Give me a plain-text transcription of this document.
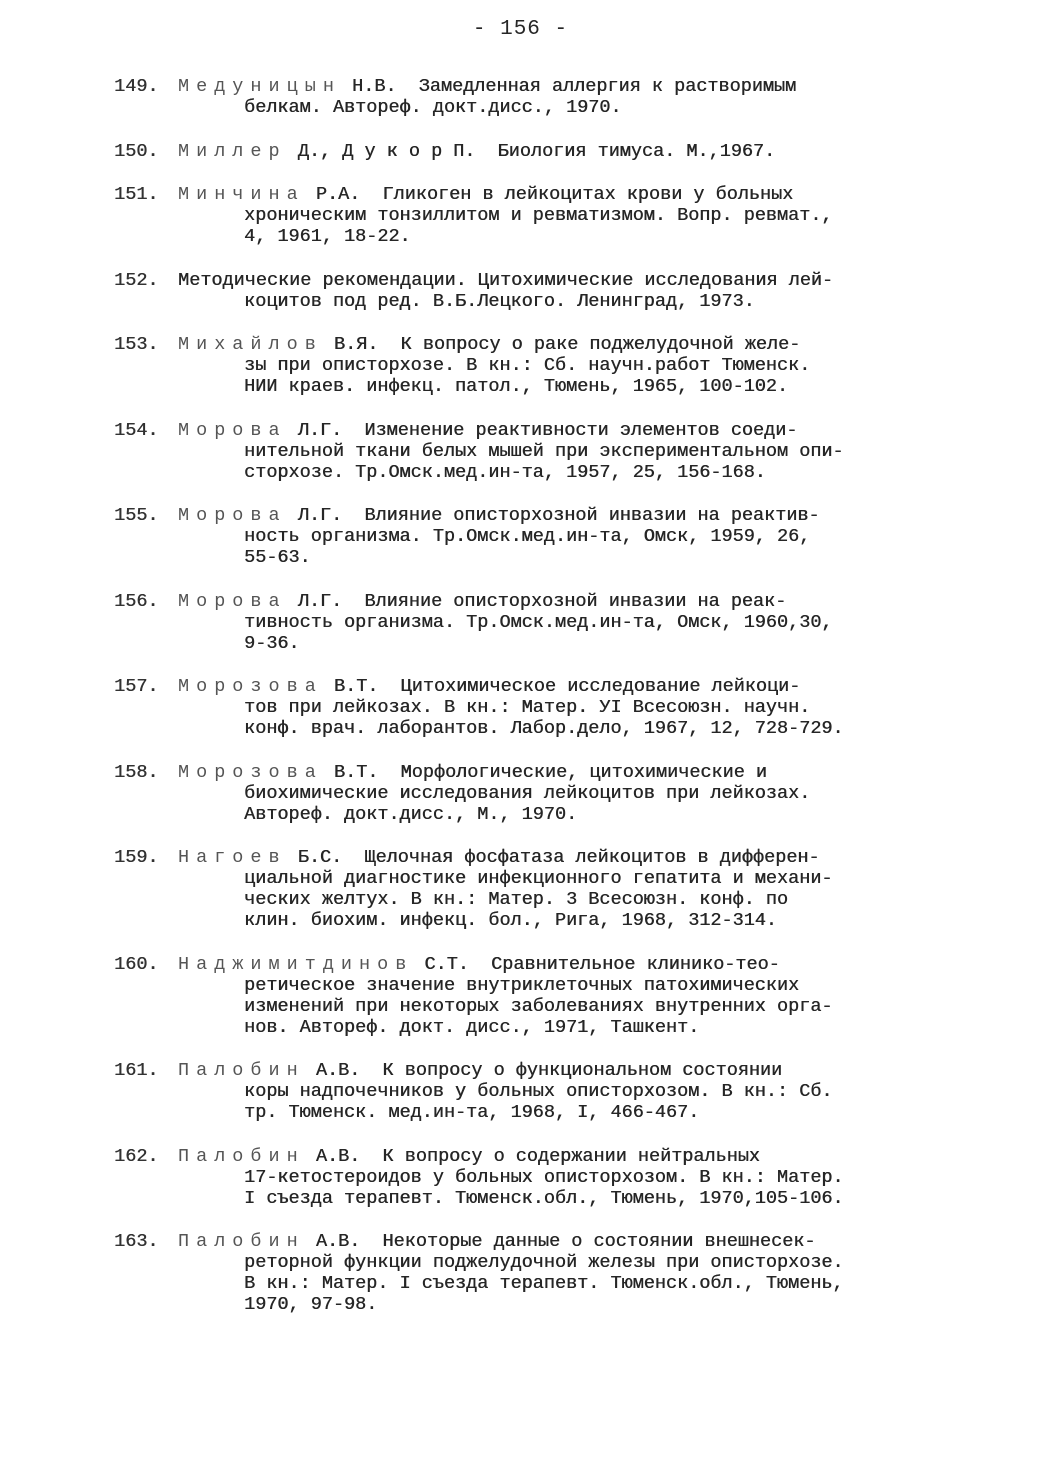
- 156 -
149. Медуницын Н.В.  Замедленная аллергия к растворимым
белкам. Автореф. докт.дисс., 1970.
150. Миллер Д., Д у к о р П.  Биология тимуса. М.,1967.
151. Минчина Р.А.  Гликоген в лейкоцитах крови у больных
хроническим тонзиллитом и ревматизмом. Вопр. ревмат.,
4, 1961, 18-22.
152. Методические рекомендации. Цитохимические исследования лей-
коцитов под ред. В.Б.Лецкого. Ленинград, 1973.
153. Михайлов В.Я.  К вопросу о раке поджелудочной желе-
зы при описторхозе. В кн.: Сб. научн.работ Тюменск.
НИИ краев. инфекц. патол., Тюмень, 1965, 100-102.
154. Морова Л.Г.  Изменение реактивности элементов соеди-
нительной ткани белых мышей при экспериментальном опи-
сторхозе. Тр.Омск.мед.ин-та, 1957, 25, 156-168.
155. Морова Л.Г.  Влияние описторхозной инвазии на реактив-
ность организма. Тр.Омск.мед.ин-та, Омск, 1959, 26,
55-63.
156. Морова Л.Г.  Влияние описторхозной инвазии на реак-
тивность организма. Тр.Омск.мед.ин-та, Омск, 1960,30,
9-36.
157. Морозова В.Т.  Цитохимическое исследование лейкоци-
тов при лейкозах. В кн.: Матер. УI Всесоюзн. научн.
конф. врач. лаборантов. Лабор.дело, 1967, 12, 728-729.
158. Морозова В.Т.  Морфологические, цитохимические и
биохимические исследования лейкоцитов при лейкозах.
Автореф. докт.дисс., М., 1970.
159. Нагоев Б.С.  Щелочная фосфатаза лейкоцитов в дифферен-
циальной диагностике инфекционного гепатита и механи-
ческих желтух. В кн.: Матер. 3 Всесоюзн. конф. по
клин. биохим. инфекц. бол., Рига, 1968, 312-314.
160. Наджимитдинов С.Т.  Сравнительное клинико-тео-
ретическое значение внутриклеточных патохимических
изменений при некоторых заболеваниях внутренних орга-
нов. Автореф. докт. дисс., 1971, Ташкент.
161. Палобин А.В.  К вопросу о функциональном состоянии
коры надпочечников у больных описторхозом. В кн.: Сб.
тр. Тюменск. мед.ин-та, 1968, I, 466-467.
162. Палобин А.В.  К вопросу о содержании нейтральных
17-кетостероидов у больных описторхозом. В кн.: Матер.
I съезда терапевт. Тюменск.обл., Тюмень, 1970,105-106.
163. Палобин А.В.  Некоторые данные о состоянии внешнесек-
реторной функции поджелудочной железы при описторхозе.
В кн.: Матер. I съезда терапевт. Тюменск.обл., Тюмень,
1970, 97-98.
